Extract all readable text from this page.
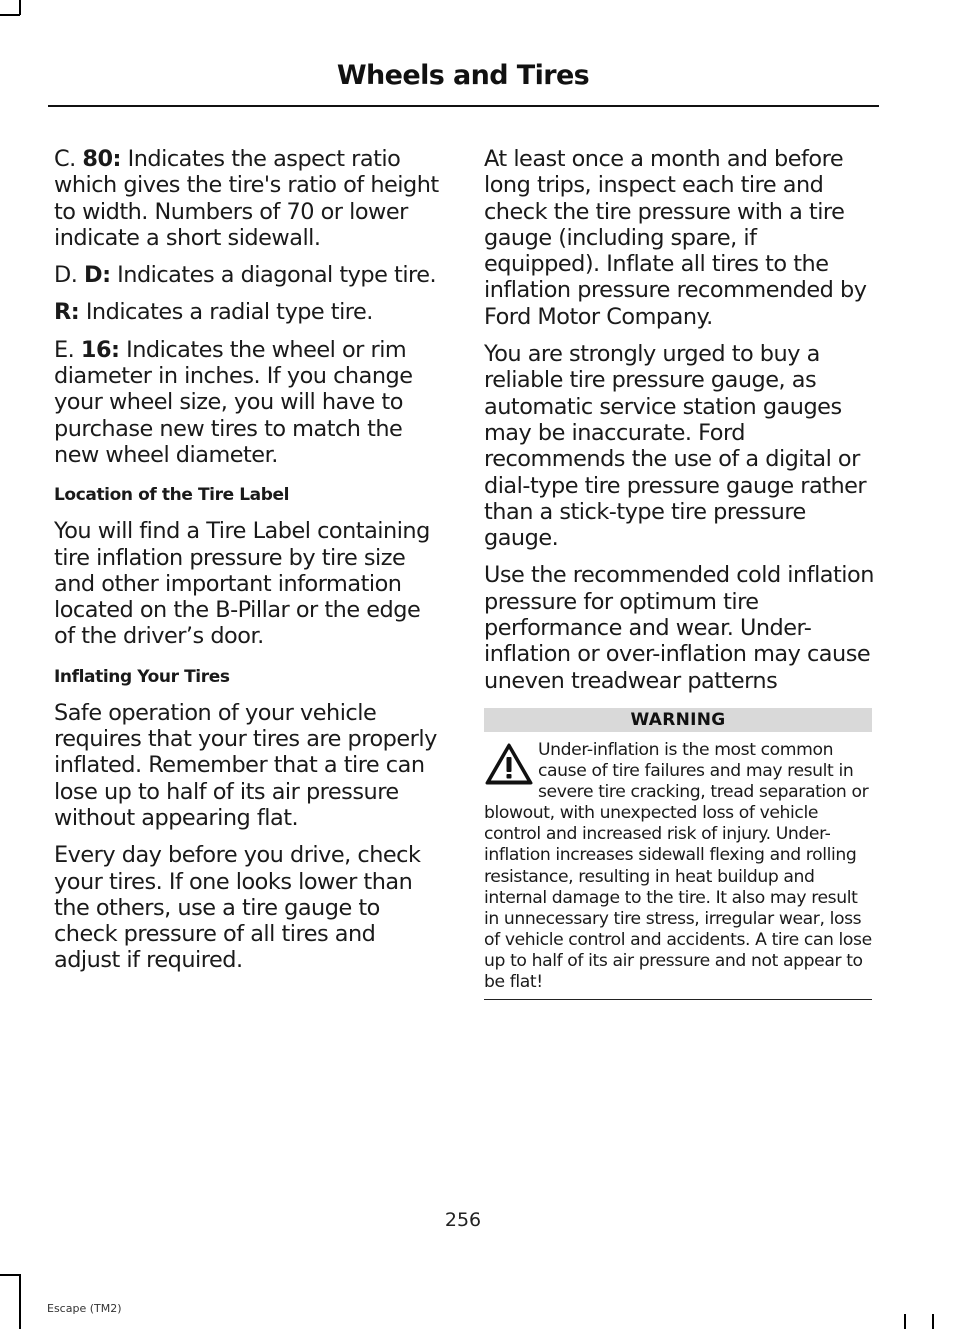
Wheels and Tires

C. 80: Indicates the aspect ratio which gives the tire's ratio of height to width. Numbers of 70 or lower indicate a short sidewall.

D. D: Indicates a diagonal type tire.

R: Indicates a radial type tire.

E. 16: Indicates the wheel or rim diameter in inches. If you change your wheel size, you will have to purchase new tires to match the new wheel diameter.

Location of the Tire Label

You will find a Tire Label containing tire inflation pressure by tire size and other important information located on the B-Pillar or the edge of the driver’s door.

Inflating Your Tires

Safe operation of your vehicle requires that your tires are properly inflated. Remember that a tire can lose up to half of its air pressure without appearing flat.

Every day before you drive, check your tires. If one looks lower than the others, use a tire gauge to check pressure of all tires and adjust if required.

At least once a month and before long trips, inspect each tire and check the tire pressure with a tire gauge (including spare, if equipped). Inflate all tires to the inflation pressure recommended by Ford Motor Company.

You are strongly urged to buy a reliable tire pressure gauge, as automatic service station gauges may be inaccurate. Ford recommends the use of a digital or dial-type tire pressure gauge rather than a stick-type tire pressure gauge.

Use the recommended cold inflation pressure for optimum tire performance and wear. Under-inflation or over-inflation may cause uneven treadwear patterns

WARNING
Under-inflation is the most common cause of tire failures and may result in severe tire cracking, tread separation or blowout, with unexpected loss of vehicle control and increased risk of injury. Under-inflation increases sidewall flexing and rolling resistance, resulting in heat buildup and internal damage to the tire. It also may result in unnecessary tire stress, irregular wear, loss of vehicle control and accidents. A tire can lose up to half of its air pressure and not appear to be flat!
256
Escape (TM2)
